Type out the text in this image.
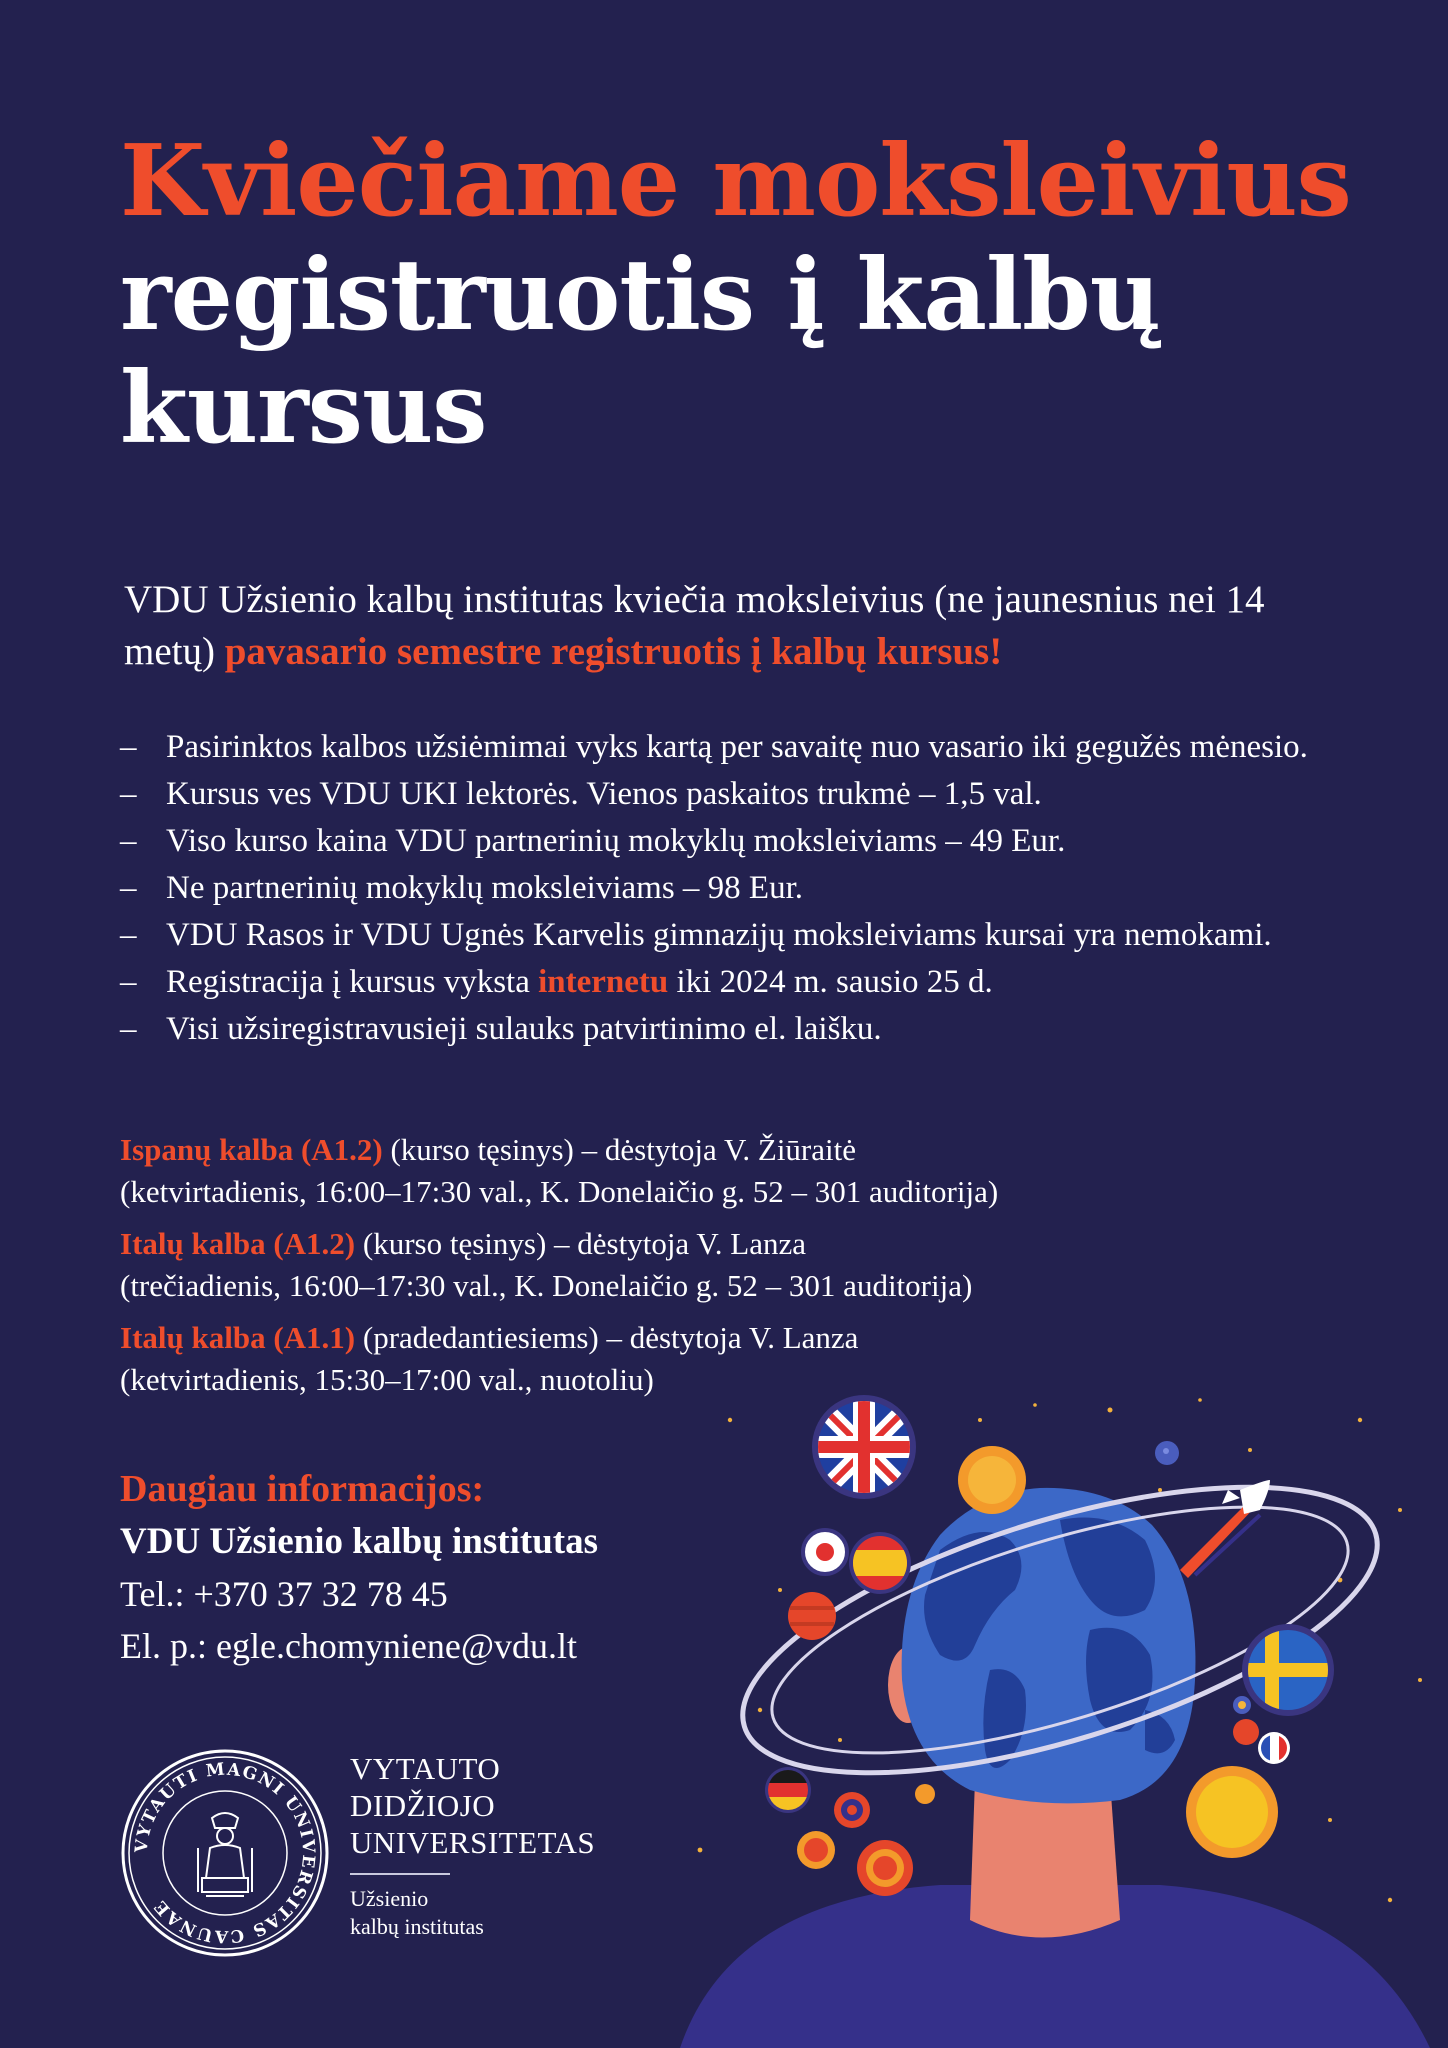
Kviečiame moksleivius
registruotis į kalbų
kursus

VDU Užsienio kalbų institutas kviečia moksleivius (ne jaunesnius nei 14 metų) pavasario semestre registruotis į kalbų kursus!

– Pasirinktos kalbos užsiėmimai vyks kartą per savaitę nuo vasario iki gegužės mėnesio.
– Kursus ves VDU UKI lektorės. Vienos paskaitos trukmė – 1,5 val.
– Viso kurso kaina VDU partnerinių mokyklų moksleiviams – 49 Eur.
– Ne partnerinių mokyklų moksleiviams – 98 Eur.
– VDU Rasos ir VDU Ugnės Karvelis gimnazijų moksleiviams kursai yra nemokami.
– Registracija į kursus vyksta internetu iki 2024 m. sausio 25 d.
– Visi užsiregistravusieji sulauks patvirtinimo el. laišku.
Ispanų kalba (A1.2) (kurso tęsinys) – dėstytoja V. Žiūraitė
(ketvirtadienis, 16:00–17:30 val., K. Donelaičio g. 52 – 301 auditorija)
Italų kalba (A1.2) (kurso tęsinys) – dėstytoja V. Lanza
(trečiadienis, 16:00–17:30 val., K. Donelaičio g. 52 – 301 auditorija)
Italų kalba (A1.1) (pradedantiesiems) – dėstytoja V. Lanza
(ketvirtadienis, 15:30–17:00 val., nuotoliu)
Daugiau informacijos:
VDU Užsienio kalbų institutas
Tel.: +370 37 32 78 45
El. p.: egle.chomyniene@vdu.lt
VYTAUTI MAGNI UNIVERSITAS CAUNAE
VYTAUTO
DIDŽIOJO
UNIVERSITETAS
Užsienio
kalbų institutas
